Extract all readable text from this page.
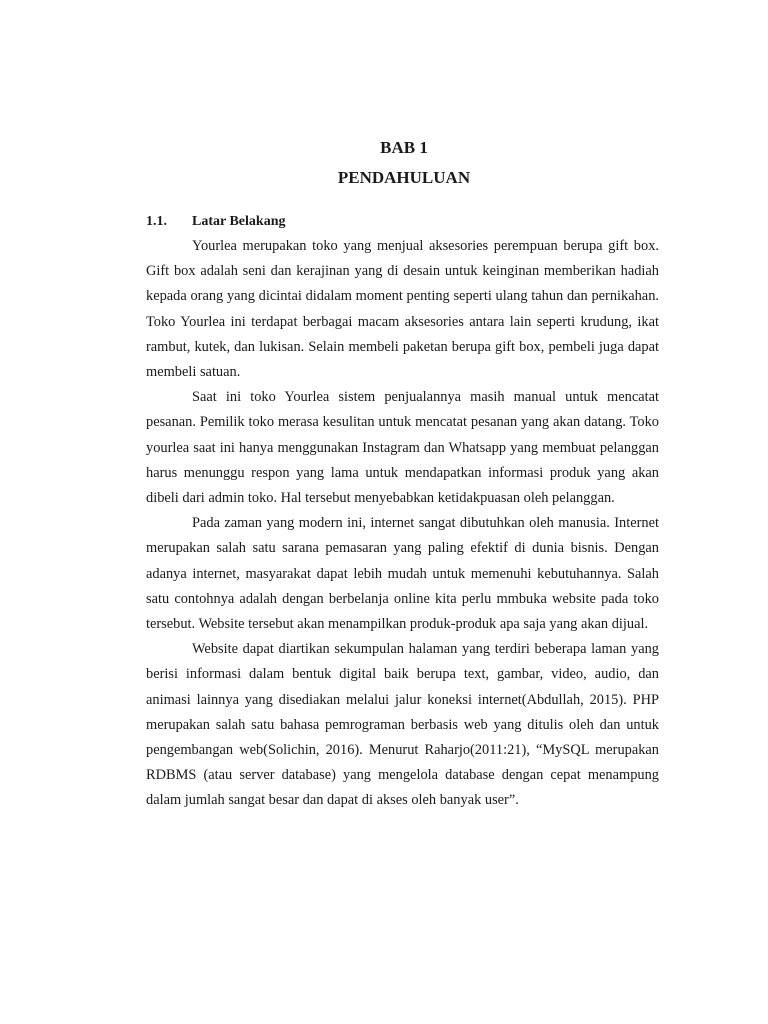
BAB 1
PENDAHULUAN
1.1. Latar Belakang

Yourlea merupakan toko yang menjual aksesories perempuan berupa gift box. Gift box adalah seni dan kerajinan yang di desain untuk keinginan memberikan hadiah kepada orang yang dicintai didalam moment penting seperti ulang tahun dan pernikahan. Toko Yourlea ini terdapat berbagai macam aksesories antara lain seperti krudung, ikat rambut, kutek, dan lukisan. Selain membeli paketan berupa gift box, pembeli juga dapat membeli satuan.

Saat ini toko Yourlea sistem penjualannya masih manual untuk mencatat pesanan. Pemilik toko merasa kesulitan untuk mencatat pesanan yang akan datang. Toko yourlea saat ini hanya menggunakan Instagram dan Whatsapp yang membuat pelanggan harus menunggu respon yang lama untuk mendapatkan informasi produk yang akan dibeli dari admin toko. Hal tersebut menyebabkan ketidakpuasan oleh pelanggan.

Pada zaman yang modern ini, internet sangat dibutuhkan oleh manusia. Internet merupakan salah satu sarana pemasaran yang paling efektif di dunia bisnis. Dengan adanya internet, masyarakat dapat lebih mudah untuk memenuhi kebutuhannya. Salah satu contohnya adalah dengan berbelanja online kita perlu mmbuka website pada toko tersebut. Website tersebut akan menampilkan produk-produk apa saja yang akan dijual.

Website dapat diartikan sekumpulan halaman yang terdiri beberapa laman yang berisi informasi dalam bentuk digital baik berupa text, gambar, video, audio, dan animasi lainnya yang disediakan melalui jalur koneksi internet(Abdullah, 2015). PHP merupakan salah satu bahasa pemrograman berbasis web yang ditulis oleh dan untuk pengembangan web(Solichin, 2016). Menurut Raharjo(2011:21), “MySQL merupakan RDBMS (atau server database) yang mengelola database dengan cepat menampung dalam jumlah sangat besar dan dapat di akses oleh banyak user”.
